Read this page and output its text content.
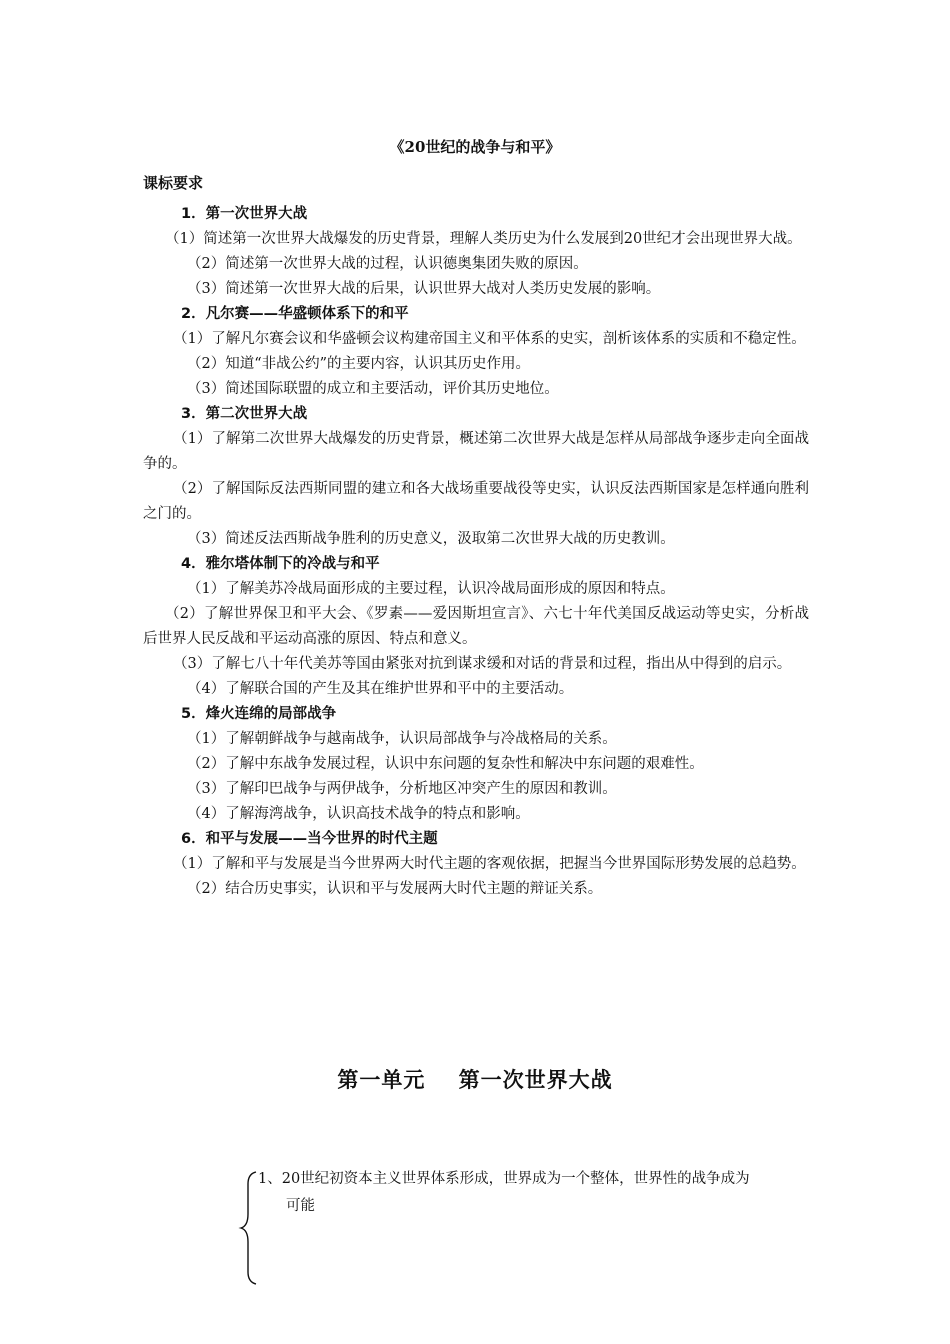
《20世纪的战争与和平》
课标要求
1．第一次世界大战

（1）简述第一次世界大战爆发的历史背景，理解人类历史为什么发展到20世纪才会出现世界大战。

（2）简述第一次世界大战的过程，认识德奥集团失败的原因。

（3）简述第一次世界大战的后果，认识世界大战对人类历史发展的影响。

2．凡尔赛——华盛顿体系下的和平

（1）了解凡尔赛会议和华盛顿会议构建帝国主义和平体系的史实，剖析该体系的实质和不稳定性。

（2）知道“非战公约”的主要内容，认识其历史作用。

（3）简述国际联盟的成立和主要活动，评价其历史地位。

3．第二次世界大战

（1）了解第二次世界大战爆发的历史背景，概述第二次世界大战是怎样从局部战争逐步走向全面战争的。

（2）了解国际反法西斯同盟的建立和各大战场重要战役等史实，认识反法西斯国家是怎样通向胜利之门的。

（3）简述反法西斯战争胜利的历史意义，汲取第二次世界大战的历史教训。

4．雅尔塔体制下的冷战与和平

（1）了解美苏冷战局面形成的主要过程，认识冷战局面形成的原因和特点。

（2）了解世界保卫和平大会、《罗素——爱因斯坦宣言》、六七十年代美国反战运动等史实，分析战后世界人民反战和平运动高涨的原因、特点和意义。

（3）了解七八十年代美苏等国由紧张对抗到谋求缓和对话的背景和过程，指出从中得到的启示。

（4）了解联合国的产生及其在维护世界和平中的主要活动。

5．烽火连绵的局部战争

（1）了解朝鲜战争与越南战争，认识局部战争与冷战格局的关系。

（2）了解中东战争发展过程，认识中东问题的复杂性和解决中东问题的艰难性。

（3）了解印巴战争与两伊战争，分析地区冲突产生的原因和教训。

（4）了解海湾战争，认识高技术战争的特点和影响。

6．和平与发展——当今世界的时代主题

（1）了解和平与发展是当今世界两大时代主题的客观依据，把握当今世界国际形势发展的总趋势。

（2）结合历史事实，认识和平与发展两大时代主题的辩证关系。

第一单元    第一次世界大战
1、20世纪初资本主义世界体系形成，世界成为一个整体，世界性的战争成为
可能
